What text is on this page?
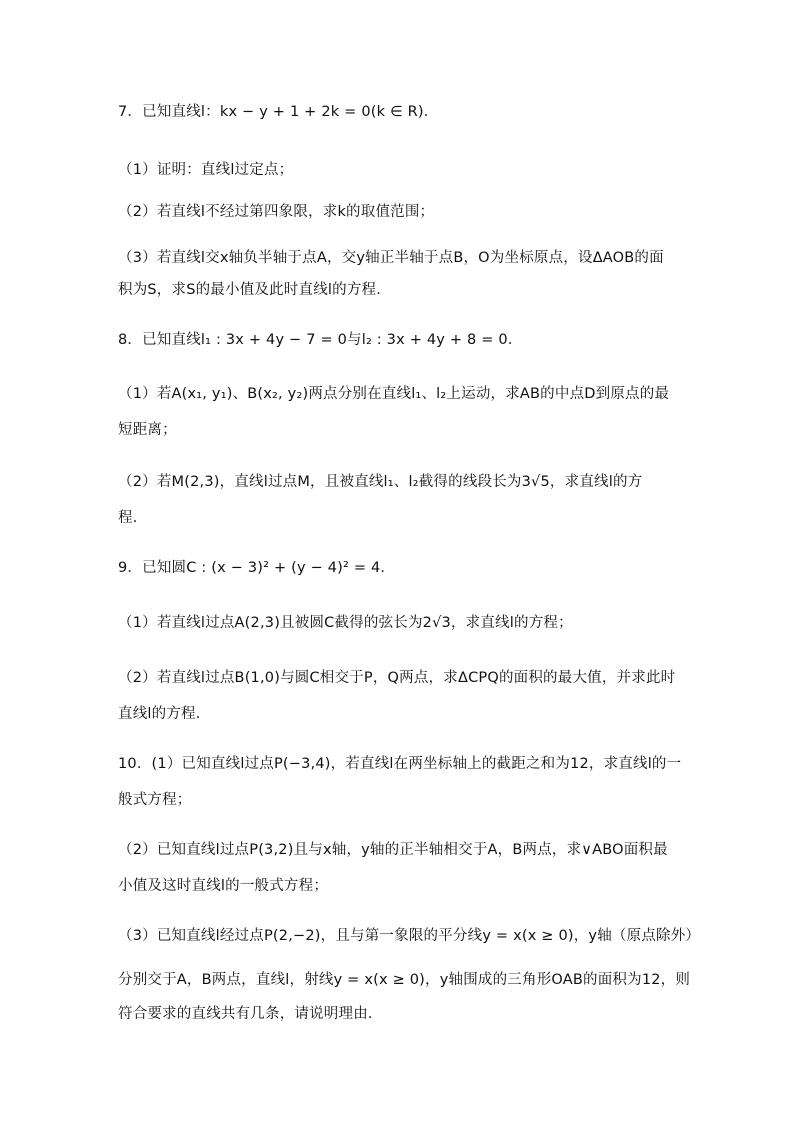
7．已知直线l：kx − y + 1 + 2k = 0(k ∈ R)．
（1）证明：直线l过定点；
（2）若直线l不经过第四象限，求k的取值范围；
（3）若直线l交x轴负半轴于点A，交y轴正半轴于点B，O为坐标原点，设ΔAOB的面
积为S，求S的最小值及此时直线l的方程．
8．已知直线l₁ : 3x + 4y − 7 = 0与l₂ : 3x + 4y + 8 = 0．
（1）若A(x₁, y₁)、B(x₂, y₂)两点分别在直线l₁、l₂上运动，求AB的中点D到原点的最
短距离；
（2）若M(2,3)，直线l过点M，且被直线l₁、l₂截得的线段长为3√5，求直线l的方
程．
9．已知圆C : (x − 3)² + (y − 4)² = 4．
（1）若直线l过点A(2,3)且被圆C截得的弦长为2√3，求直线l的方程；
（2）若直线l过点B(1,0)与圆C相交于P，Q两点，求ΔCPQ的面积的最大值，并求此时
直线l的方程．
10．(1）已知直线l过点P(−3,4)，若直线l在两坐标轴上的截距之和为12，求直线l的一
般式方程；
（2）已知直线l过点P(3,2)且与x轴，y轴的正半轴相交于A，B两点，求∨ABO面积最
小值及这时直线l的一般式方程；
（3）已知直线l经过点P(2,−2)，且与第一象限的平分线y = x(x ≥ 0)，y轴（原点除外）
分别交于A，B两点，直线l，射线y = x(x ≥ 0)，y轴围成的三角形OAB的面积为12，则
符合要求的直线共有几条，请说明理由．
